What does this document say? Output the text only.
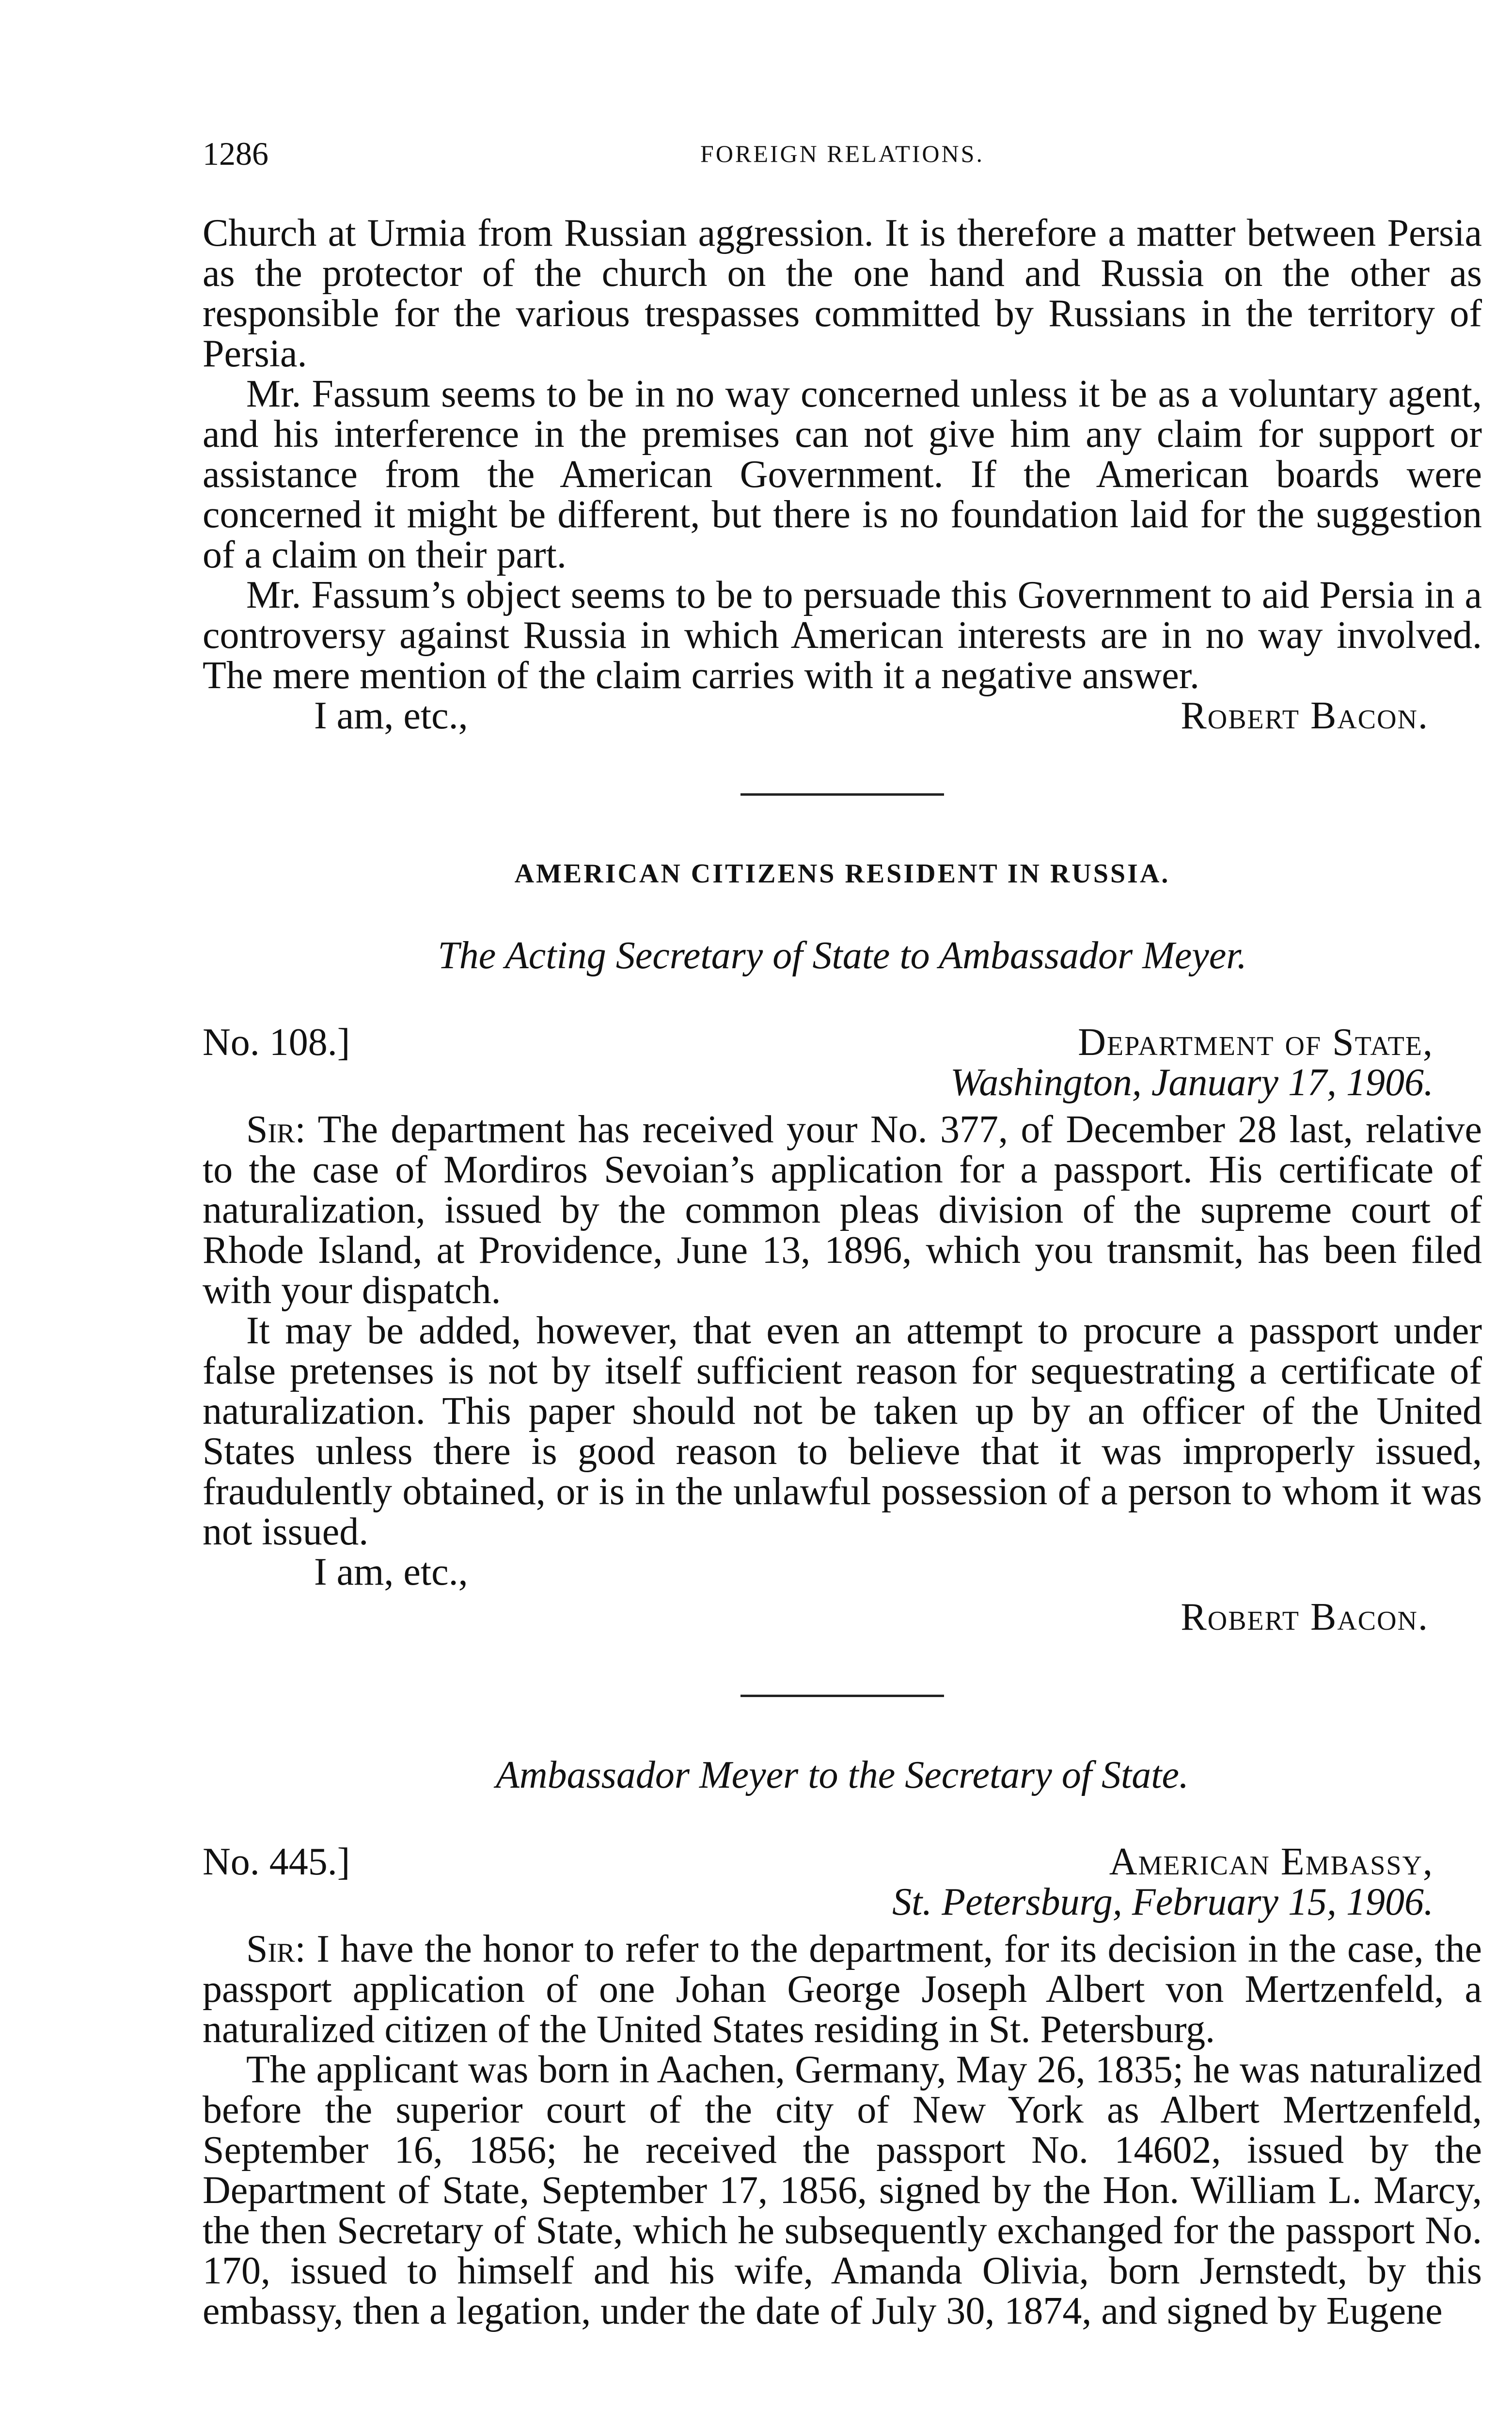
1286	FOREIGN RELATIONS.

Church at Urmia from Russian aggression. It is therefore a matter between Persia as the protector of the church on the one hand and Russia on the other as responsible for the various trespasses committed by Russians in the territory of Persia.

Mr. Fassum seems to be in no way concerned unless it be as a voluntary agent, and his interference in the premises can not give him any claim for support or assistance from the American Government. If the American boards were concerned it might be different, but there is no foundation laid for the suggestion of a claim on their part.

Mr. Fassum’s object seems to be to persuade this Government to aid Persia in a controversy against Russia in which American interests are in no way involved. The mere mention of the claim carries with it a negative answer.

I am, etc.,	Robert Bacon.
AMERICAN CITIZENS RESIDENT IN RUSSIA.
The Acting Secretary of State to Ambassador Meyer.
No. 108.]	Department of State,
Washington, January 17, 1906.

Sir: The department has received your No. 377, of December 28 last, relative to the case of Mordiros Sevoian’s application for a passport. His certificate of naturalization, issued by the common pleas division of the supreme court of Rhode Island, at Providence, June 13, 1896, which you transmit, has been filed with your dispatch.

It may be added, however, that even an attempt to procure a passport under false pretenses is not by itself sufficient reason for sequestrating a certificate of naturalization. This paper should not be taken up by an officer of the United States unless there is good reason to believe that it was improperly issued, fraudulently obtained, or is in the unlawful possession of a person to whom it was not issued.

I am, etc.,
Robert Bacon.
Ambassador Meyer to the Secretary of State.
No. 445.]	American Embassy,
St. Petersburg, February 15, 1906.

Sir: I have the honor to refer to the department, for its decision in the case, the passport application of one Johan George Joseph Albert von Mertzenfeld, a naturalized citizen of the United States residing in St. Petersburg.

The applicant was born in Aachen, Germany, May 26, 1835; he was naturalized before the superior court of the city of New York as Albert Mertzenfeld, September 16, 1856; he received the passport No. 14602, issued by the Department of State, September 17, 1856, signed by the Hon. William L. Marcy, the then Secretary of State, which he subsequently exchanged for the passport No. 170, issued to himself and his wife, Amanda Olivia, born Jernstedt, by this embassy, then a legation, under the date of July 30, 1874, and signed by Eugene
